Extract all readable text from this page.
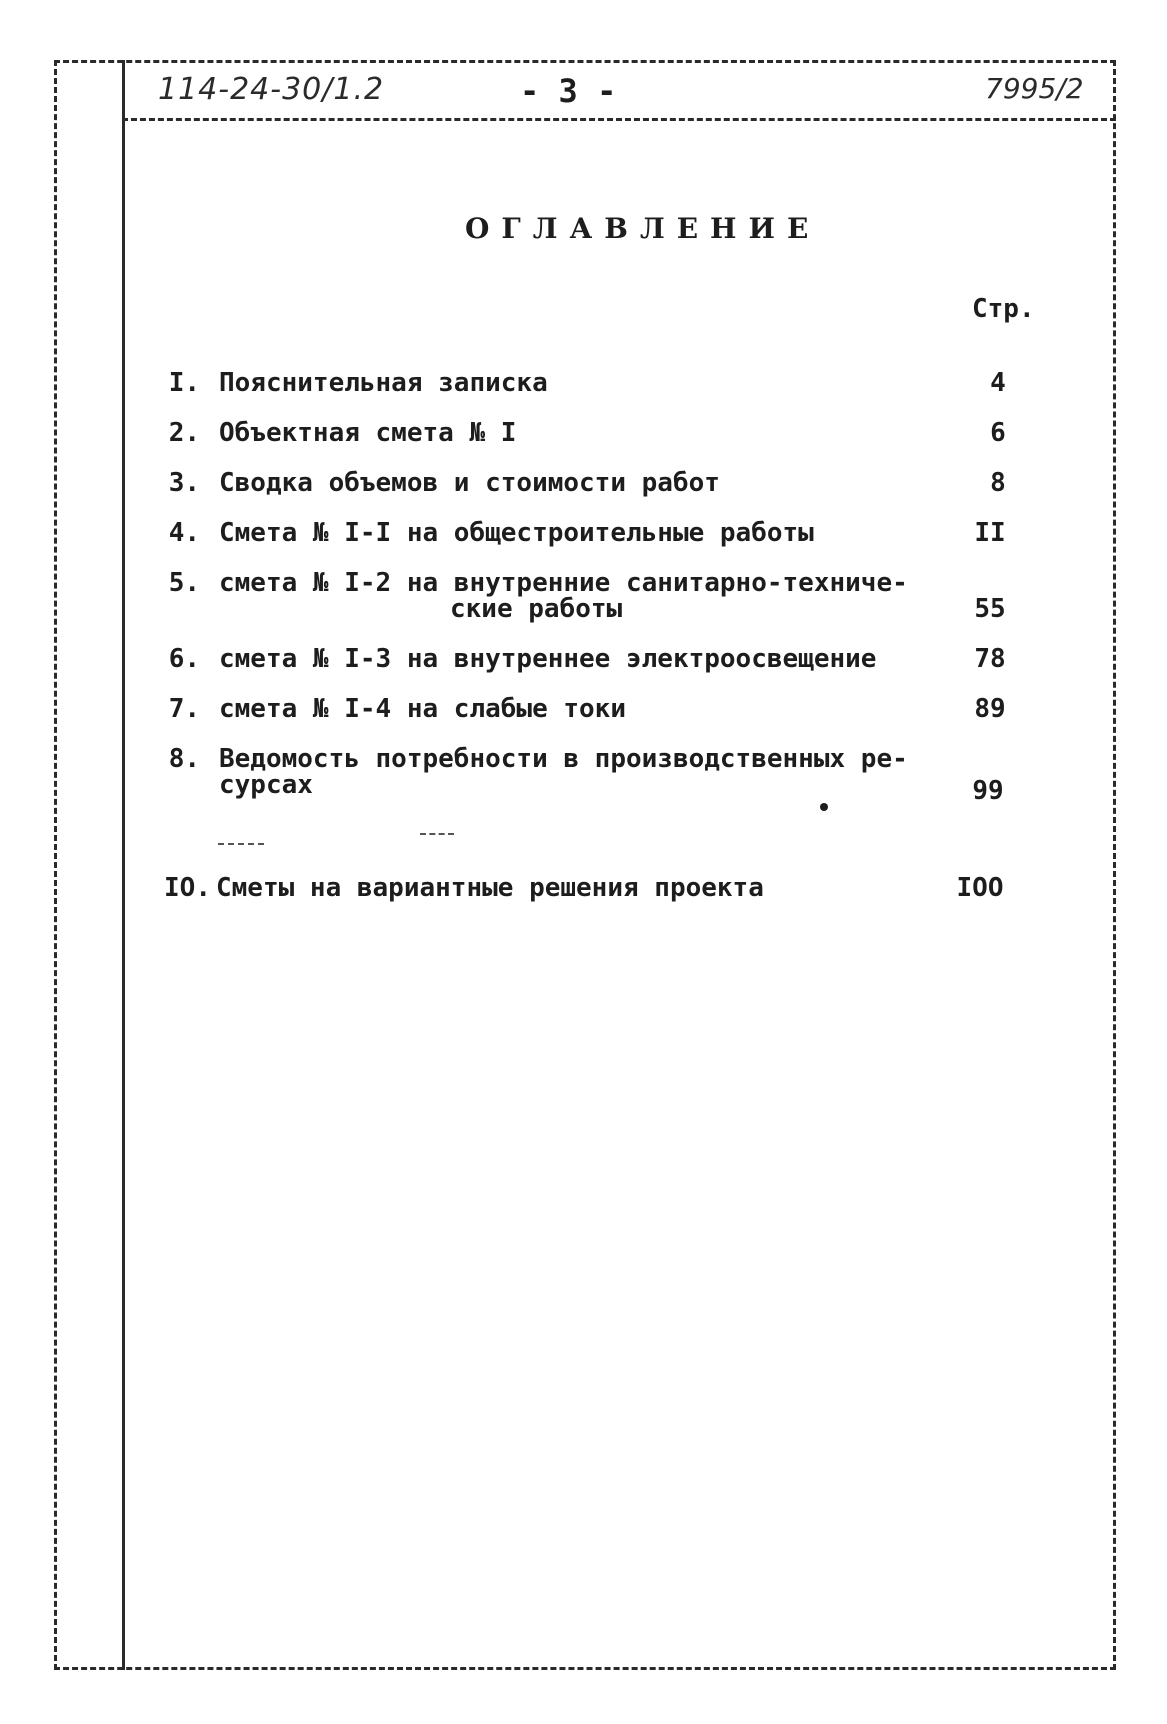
114-24-30/1.2	- 3 -	7995/2
ОГЛАВЛЕНИЕ
Стр.
I. Пояснительная записка	4
2. Объектная смета № I	6
3. Сводка объемов и стоимости работ	8
4. Смета № I-I на общестроительные работы	II
5. смета № I-2 на внутренние санитарно-техниче-
ские работы	55
6. смета № I-3 на внутреннее электроосвещение	78
7. смета № I-4 на слабые токи	89
8. Ведомость потребности в производственных ре-
сурсах	99
IO. Сметы на вариантные решения проекта	IOO
